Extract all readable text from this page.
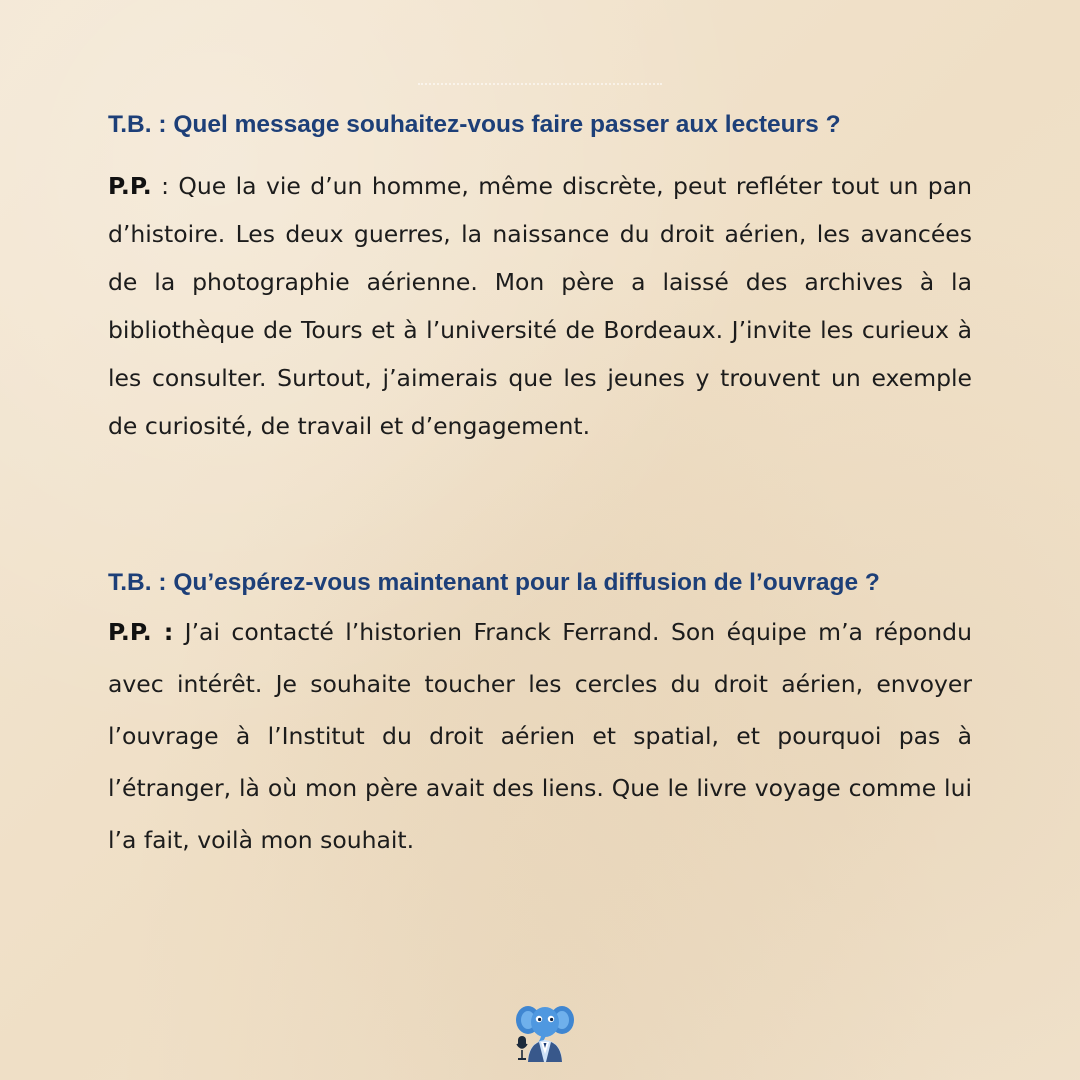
T.B. : Quel message souhaitez-vous faire passer aux lecteurs ?

P.P. : Que la vie d’un homme, même discrète, peut refléter tout un pan d’histoire. Les deux guerres, la naissance du droit aérien, les avancées de la photographie aérienne. Mon père a laissé des archives à la bibliothèque de Tours et à l’université de Bordeaux. J’invite les curieux à les consulter. Surtout, j’aimerais que les jeunes y trouvent un exemple de curiosité, de travail et d’engagement.

T.B. : Qu’espérez-vous maintenant pour la diffusion de l’ouvrage ?

P.P. : J’ai contacté l’historien Franck Ferrand. Son équipe m’a répondu avec intérêt. Je souhaite toucher les cercles du droit aérien, envoyer l’ouvrage à l’Institut du droit aérien et spatial, et pourquoi pas à l’étranger, là où mon père avait des liens. Que le livre voyage comme lui l’a fait, voilà mon souhait.
